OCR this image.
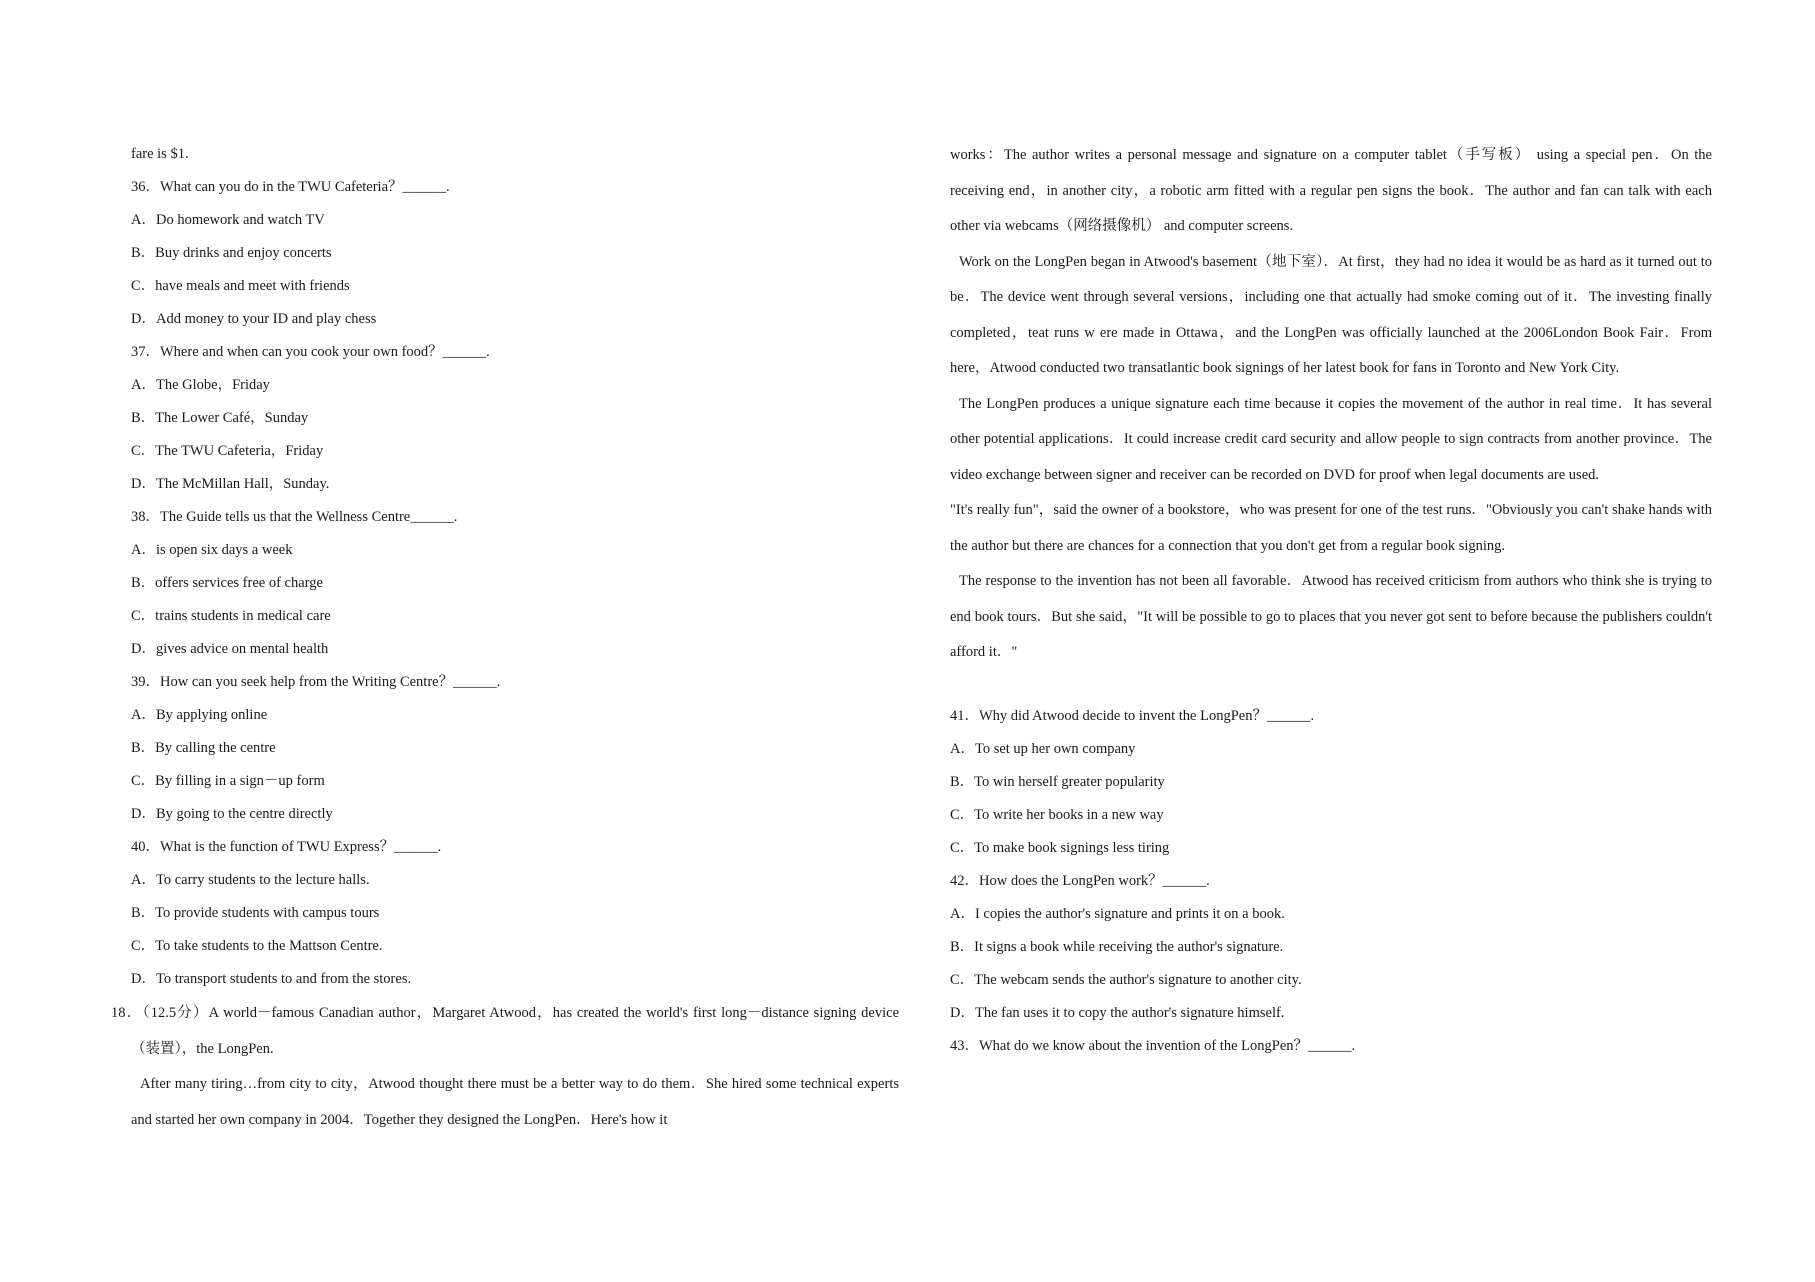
fare is $1.
36．What can you do in the TWU Cafeteria？______.
A．Do homework and watch TV
B．Buy drinks and enjoy concerts
C．have meals and meet with friends
D．Add money to your ID and play chess
37．Where and when can you cook your own food？______.
A．The Globe，Friday
B．The Lower Café，Sunday
C．The TWU Cafeteria，Friday
D．The McMillan Hall，Sunday.
38．The Guide tells us that the Wellness Centre______.
A．is open six days a week
B．offers services free of charge
C．trains students in medical care
D．gives advice on mental health
39．How can you seek help from the Writing Centre？______.
A．By applying online
B．By calling the centre
C．By filling in a sign－up form
D．By going to the centre directly
40．What is the function of TWU Express？______.
A．To carry students to the lecture halls.
B．To provide students with campus tours
C．To take students to the Mattson Centre.
D．To transport students to and from the stores.
18．（12.5分）A world－famous Canadian author，Margaret Atwood，has created the world's first long－distance signing device（装置），the LongPen.
After many tiring…from city to city，Atwood thought there must be a better way to do them．She hired some technical experts and started her own company in 2004．Together they designed the LongPen．Here's how it
works：The author writes a personal message and signature on a computer tablet（手写板） using a special pen．On the receiving end，in another city，a robotic arm fitted with a regular pen signs the book．The author and fan can talk with each other via webcams（网络摄像机） and computer screens.
Work on the LongPen began in Atwood's basement（地下室）．At first，they had no idea it would be as hard as it turned out to be．The device went through several versions，including one that actually had smoke coming out of it．The investing finally completed，teat runs w ere made in Ottawa，and the LongPen was officially launched at the 2006London Book Fair．From here，Atwood conducted two transatlantic book signings of her latest book for fans in Toronto and New York City.
The LongPen produces a unique signature each time because it copies the movement of the author in real time．It has several other potential applications．It could increase credit card security and allow people to sign contracts from another province．The video exchange between signer and receiver can be recorded on DVD for proof when legal documents are used.
"It's really fun"，said the owner of a bookstore，who was present for one of the test runs．"Obviously you can't shake hands with the author but there are chances for a connection that you don't get from a regular book signing.
The response to the invention has not been all favorable．Atwood has received criticism from authors who think she is trying to end book tours．But she said，"It will be possible to go to places that you never got sent to before because the publishers couldn't afford it．"
41．Why did Atwood decide to invent the LongPen？______.
A．To set up her own company
B．To win herself greater popularity
C．To write her books in a new way
C．To make book signings less tiring
42．How does the LongPen work？______.
A．I copies the author's signature and prints it on a book.
B．It signs a book while receiving the author's signature.
C．The webcam sends the author's signature to another city.
D．The fan uses it to copy the author's signature himself.
43．What do we know about the invention of the LongPen？______.
